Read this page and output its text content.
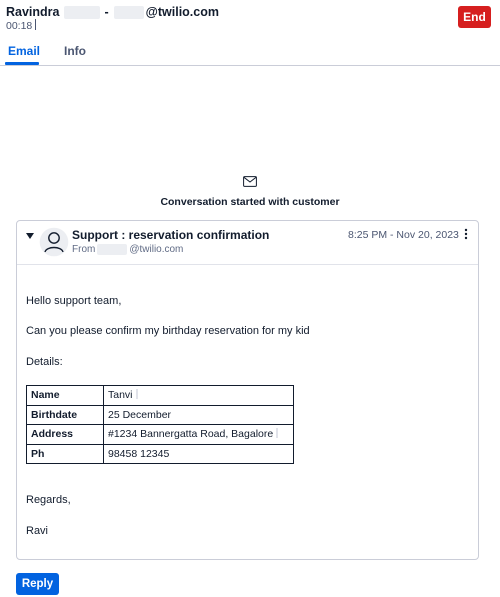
Ravindra	-	@twilio.com
00:18
End
Email Info
Conversation started with customer
Support : reservation confirmation
From	@twilio.com
8:25 PM - Nov 20, 2023
Hello support team,
Can you please confirm my birthday reservation for my kid
Details:
Name	Tanvi
Birthdate	25 December
Address	#1234 Bannergatta Road, Bagalore
Ph	98458 12345
Regards,
Ravi
Reply
